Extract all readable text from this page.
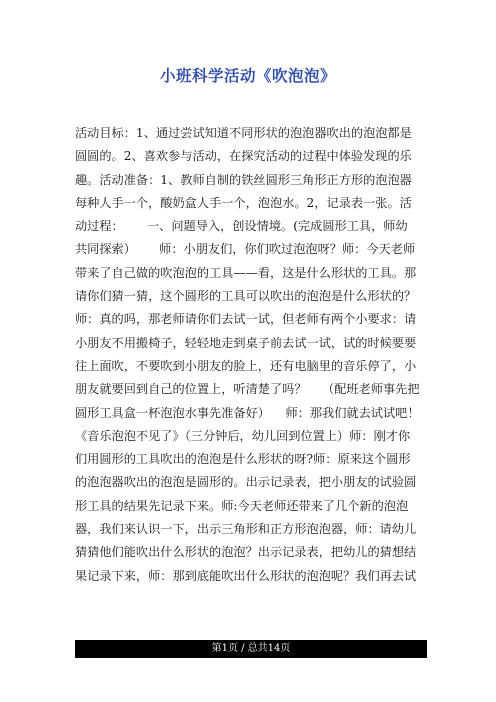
小班科学活动《吹泡泡》
活动目标：1、通过尝试知道不同形状的泡泡器吹出的泡泡都是
圆圆的。2、喜欢参与活动，在探究活动的过程中体验发现的乐
趣。活动准备：1、教师自制的铁丝圆形三角形正方形的泡泡器
每种人手一个，酸奶盒人手一个，泡泡水。2，记录表一张。活
动过程：      一、问题导入，创设情境。(完成圆形工具，师幼
共同探索）      师：小朋友们，你们吹过泡泡呀？师：今天老师
带来了自己做的吹泡泡的工具——看，这是什么形状的工具。那
请你们猜一猜，这个圆形的工具可以吹出的泡泡是什么形状的？
师：真的吗，那老师请你们去试一试，但老师有两个小要求：请
小朋友不用搬椅子，轻轻地走到桌子前去试一试，试的时候要要
往上面吹，不要吹到小朋友的脸上，还有电脑里的音乐停了，小
朋友就要回到自己的位置上，听清楚了吗？    （配班老师事先把
圆形工具盒一杯泡泡水事先准备好）    师：那我们就去试试吧！
《音乐泡泡不见了》（三分钟后，幼儿回到位置上）师：刚才你
们用圆形的工具吹出的泡泡是什么形状的呀?师：原来这个圆形
的泡泡器吹出的泡泡是圆形的。出示记录表，把小朋友的试验圆
形工具的结果先记录下来。师:今天老师还带来了几个新的泡泡
器，我们来认识一下，出示三角形和正方形泡泡器，师：请幼儿
猜猜他们能吹出什么形状的泡泡？出示记录表，把幼儿的猜想结
果记录下来，师：那到底能吹出什么形状的泡泡呢？我们再去试
第1页 / 总共14页
